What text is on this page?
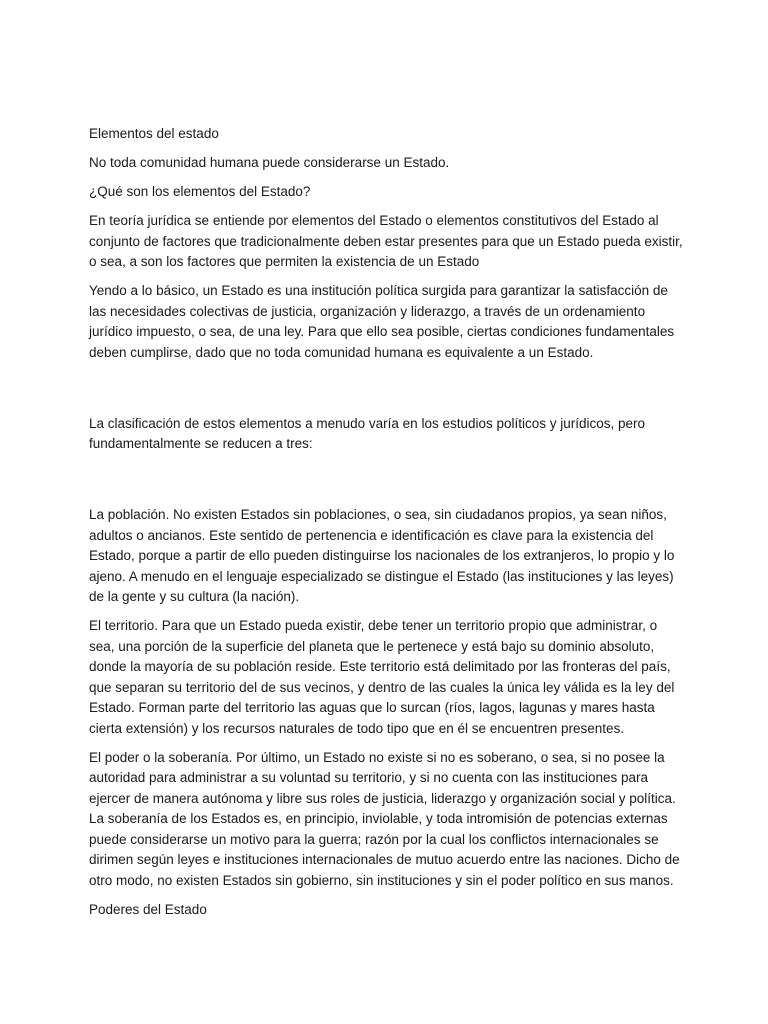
Elementos del estado

No toda comunidad humana puede considerarse un Estado.

¿Qué son los elementos del Estado?

En teoría jurídica se entiende por elementos del Estado o elementos constitutivos del Estado al conjunto de factores que tradicionalmente deben estar presentes para que un Estado pueda existir, o sea, a son los factores que permiten la existencia de un Estado

Yendo a lo básico, un Estado es una institución política surgida para garantizar la satisfacción de las necesidades colectivas de justicia, organización y liderazgo, a través de un ordenamiento jurídico impuesto, o sea, de una ley. Para que ello sea posible, ciertas condiciones fundamentales deben cumplirse, dado que no toda comunidad humana es equivalente a un Estado.

La clasificación de estos elementos a menudo varía en los estudios políticos y jurídicos, pero fundamentalmente se reducen a tres:

La población. No existen Estados sin poblaciones, o sea, sin ciudadanos propios, ya sean niños, adultos o ancianos. Este sentido de pertenencia e identificación es clave para la existencia del Estado, porque a partir de ello pueden distinguirse los nacionales de los extranjeros, lo propio y lo ajeno. A menudo en el lenguaje especializado se distingue el Estado (las instituciones y las leyes) de la gente y su cultura (la nación).

El territorio. Para que un Estado pueda existir, debe tener un territorio propio que administrar, o sea, una porción de la superficie del planeta que le pertenece y está bajo su dominio absoluto, donde la mayoría de su población reside. Este territorio está delimitado por las fronteras del país, que separan su territorio del de sus vecinos, y dentro de las cuales la única ley válida es la ley del Estado. Forman parte del territorio las aguas que lo surcan (ríos, lagos, lagunas y mares hasta cierta extensión) y los recursos naturales de todo tipo que en él se encuentren presentes.

El poder o la soberanía. Por último, un Estado no existe si no es soberano, o sea, si no posee la autoridad para administrar a su voluntad su territorio, y si no cuenta con las instituciones para ejercer de manera autónoma y libre sus roles de justicia, liderazgo y organización social y política. La soberanía de los Estados es, en principio, inviolable, y toda intromisión de potencias externas puede considerarse un motivo para la guerra; razón por la cual los conflictos internacionales se dirimen según leyes e instituciones internacionales de mutuo acuerdo entre las naciones. Dicho de otro modo, no existen Estados sin gobierno, sin instituciones y sin el poder político en sus manos.

Poderes del Estado
